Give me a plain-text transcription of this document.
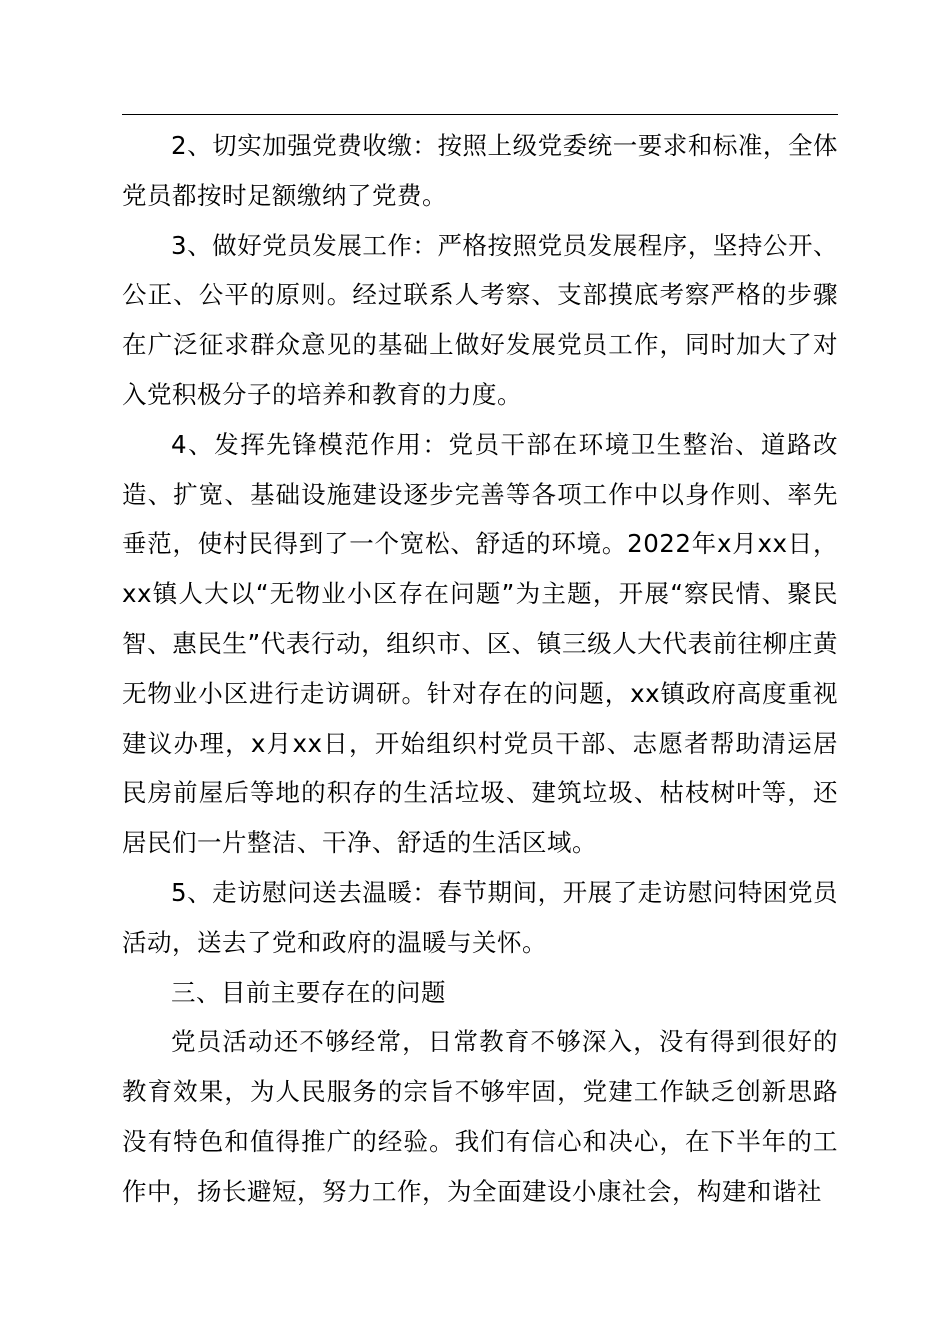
2、切实加强党费收缴：按照上级党委统一要求和标准，全体党员都按时足额缴纳了党费。

3、做好党员发展工作：严格按照党员发展程序，坚持公开、公正、公平的原则。经过联系人考察、支部摸底考察严格的步骤在广泛征求群众意见的基础上做好发展党员工作，同时加大了对入党积极分子的培养和教育的力度。

4、发挥先锋模范作用：党员干部在环境卫生整治、道路改造、扩宽、基础设施建设逐步完善等各项工作中以身作则、率先垂范，使村民得到了一个宽松、舒适的环境。2022年x月xx日，xx镇人大以“无物业小区存在问题”为主题，开展“察民情、聚民智、惠民生”代表行动，组织市、区、镇三级人大代表前往柳庄黄无物业小区进行走访调研。针对存在的问题，xx镇政府高度重视建议办理，x月xx日，开始组织村党员干部、志愿者帮助清运居民房前屋后等地的积存的生活垃圾、建筑垃圾、枯枝树叶等，还居民们一片整洁、干净、舒适的生活区域。

5、走访慰问送去温暖：春节期间，开展了走访慰问特困党员活动，送去了党和政府的温暖与关怀。

三、目前主要存在的问题

党员活动还不够经常，日常教育不够深入，没有得到很好的教育效果，为人民服务的宗旨不够牢固，党建工作缺乏创新思路没有特色和值得推广的经验。我们有信心和决心，在下半年的工作中，扬长避短，努力工作，为全面建设小康社会，构建和谐社
